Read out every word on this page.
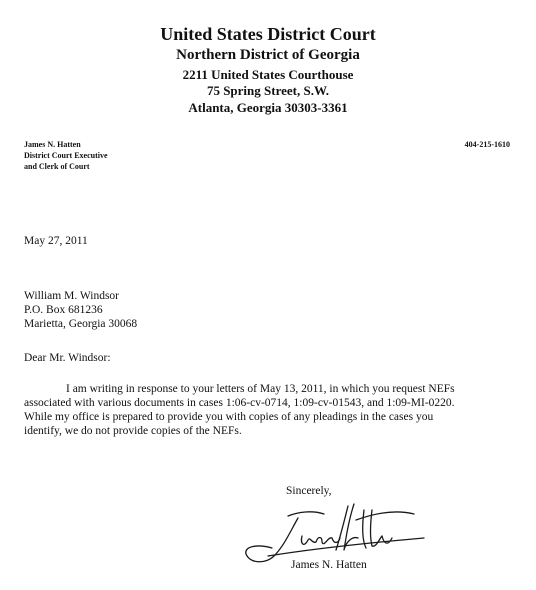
United States District Court
Northern District of Georgia
2211 United States Courthouse
75 Spring Street, S.W.
Atlanta, Georgia 30303-3361
James N. Hatten
District Court Executive
and Clerk of Court
404-215-1610
May 27, 2011
William M. Windsor
P.O. Box 681236
Marietta, Georgia 30068
Dear Mr. Windsor:
I am writing in response to your letters of May 13, 2011, in which you request NEFs
associated with various documents in cases 1:06-cv-0714, 1:09-cv-01543, and 1:09-MI-0220.
While my office is prepared to provide you with copies of any pleadings in the cases you
identify, we do not provide copies of the NEFs.
Sincerely,
James N. Hatten
